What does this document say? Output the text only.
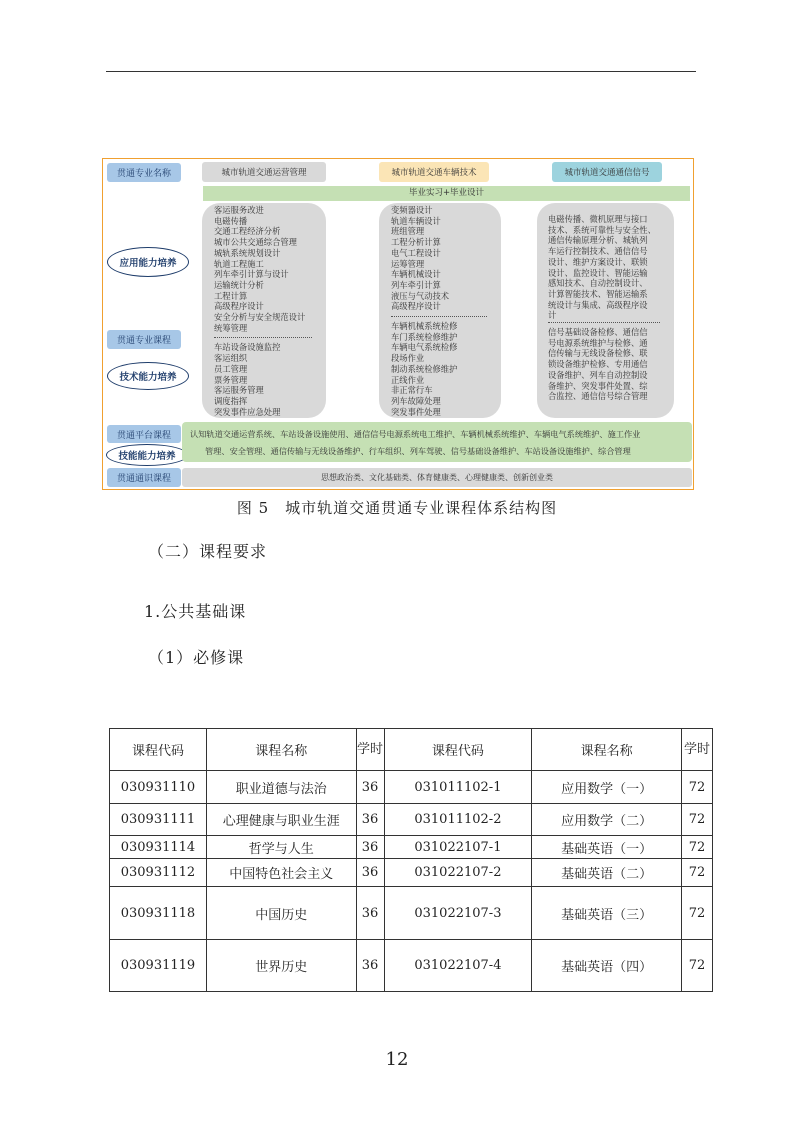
贯通专业名称
应用能力培养
贯通专业课程
技术能力培养
贯通平台课程
技能能力培养
贯通通识课程
城市轨道交通运营管理	城市轨道交通车辆技术	城市轨道交通通信信号
毕业实习+毕业设计
客运服务改进
电磁传播
交通工程经济分析
城市公共交通综合管理
城轨系统规划设计
轨道工程施工
列车牵引计算与设计
运输统计分析
工程计算
高级程序设计
安全分析与安全规范设计
统筹管理
车站设备设施监控
客运组织
员工管理
票务管理
客运服务管理
调度指挥
突发事件应急处理
变频器设计
轨道车辆设计
班组管理
工程分析计算
电气工程设计
运筹管理
车辆机械设计
列车牵引计算
液压与气动技术
高级程序设计
车辆机械系统检修
车门系统检修维护
车辆电气系统检修
段场作业
制动系统检修维护
正线作业
非正常行车
列车故障处理
突发事件处理
电磁传播、微机原理与接口
技术、系统可靠性与安全性、
通信传输原理分析、城轨列
车运行控制技术、通信信号
设计、维护方案设计、联锁
设计、监控设计、智能运输
感知技术、自动控制设计、
计算智能技术、智能运输系
统设计与集成、高级程序设
计
信号基础设备检修、通信信
号电源系统维护与检修、通
信传输与无线设备检修、联
锁设备维护检修、专用通信
设备维护、列车自动控制设
备维护、突发事件处置、综
合监控、通信信号综合管理
认知轨道交通运营系统、车站设备设施使用、通信信号电源系统电工维护、车辆机械系统维护、车辆电气系统维护、施工作业
管理、安全管理、通信传输与无线设备维护、行车组织、列车驾驶、信号基础设备维护、车站设备设施维护、综合管理
思想政治类、文化基础类、体育健康类、心理健康类、创新创业类
图 5　城市轨道交通贯通专业课程体系结构图
（二）课程要求
1.公共基础课
（1）必修课
课程代码	课程名称	学时	课程代码	课程名称	学时
030931110	职业道德与法治	36	031011102-1	应用数学（一）	72
030931111	心理健康与职业生涯	36	031011102-2	应用数学（二）	72
030931114	哲学与人生	36	031022107-1	基础英语（一）	72
030931112	中国特色社会主义	36	031022107-2	基础英语（二）	72
030931118	中国历史	36	031022107-3	基础英语（三）	72
030931119	世界历史	36	031022107-4	基础英语（四）	72
12
